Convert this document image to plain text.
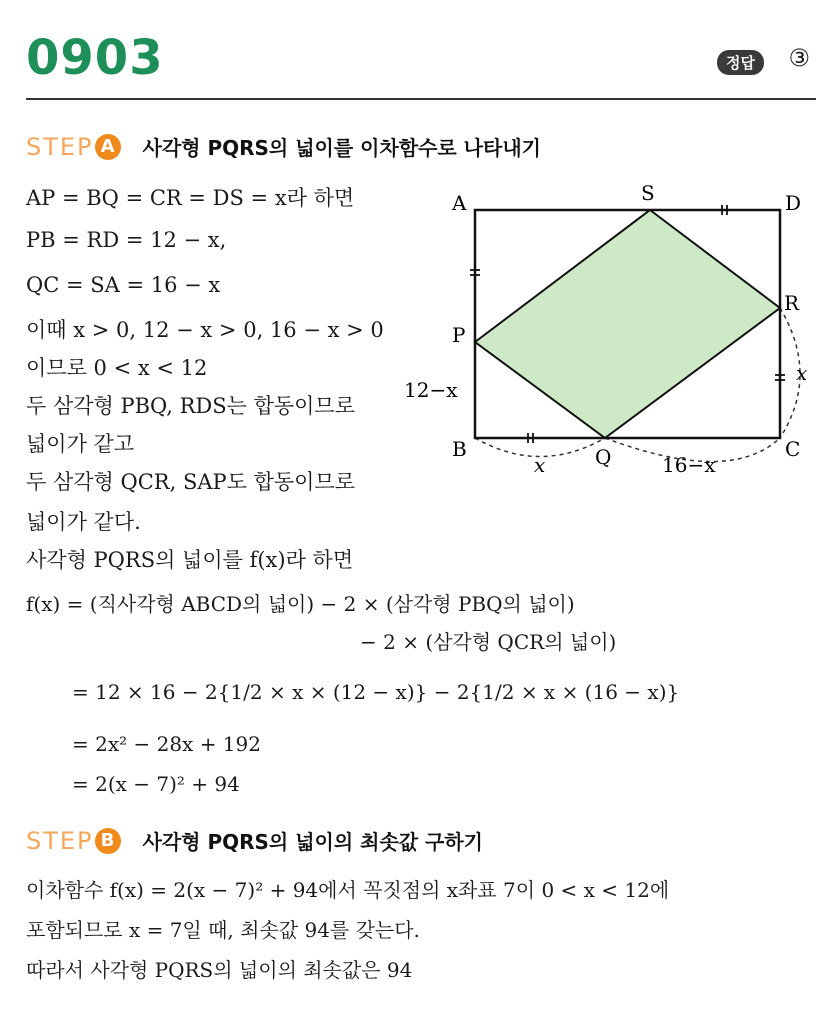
0903	정답	③
STEP A	사각형 PQRS의 넓이를 이차함수로 나타내기
AP = BQ = CR = DS = x라 하면
PB = RD = 12 − x,
QC = SA = 16 − x
이때 x > 0, 12 − x > 0, 16 − x > 0
이므로 0 < x < 12
두 삼각형 PBQ, RDS는 합동이므로
넓이가 같고
두 삼각형 QCR, SAP도 합동이므로
넓이가 같다.
사각형 PQRS의 넓이를 f(x)라 하면
f(x) = (직사각형 ABCD의 넓이) − 2 × (삼각형 PBQ의 넓이)
− 2 × (삼각형 QCR의 넓이)
= 12 × 16 − 2{1/2 × x × (12 − x)} − 2{1/2 × x × (16 − x)}
= 2x² − 28x + 192
= 2(x − 7)² + 94
STEP B	사각형 PQRS의 넓이의 최솟값 구하기
이차함수 f(x) = 2(x − 7)² + 94에서 꼭짓점의 x좌표 7이 0 < x < 12에
포함되므로 x = 7일 때, 최솟값 94를 갖는다.
따라서 사각형 PQRS의 넓이의 최솟값은 94
A	D
B	C
S
R
P
Q
12−x
x	16−x
x
